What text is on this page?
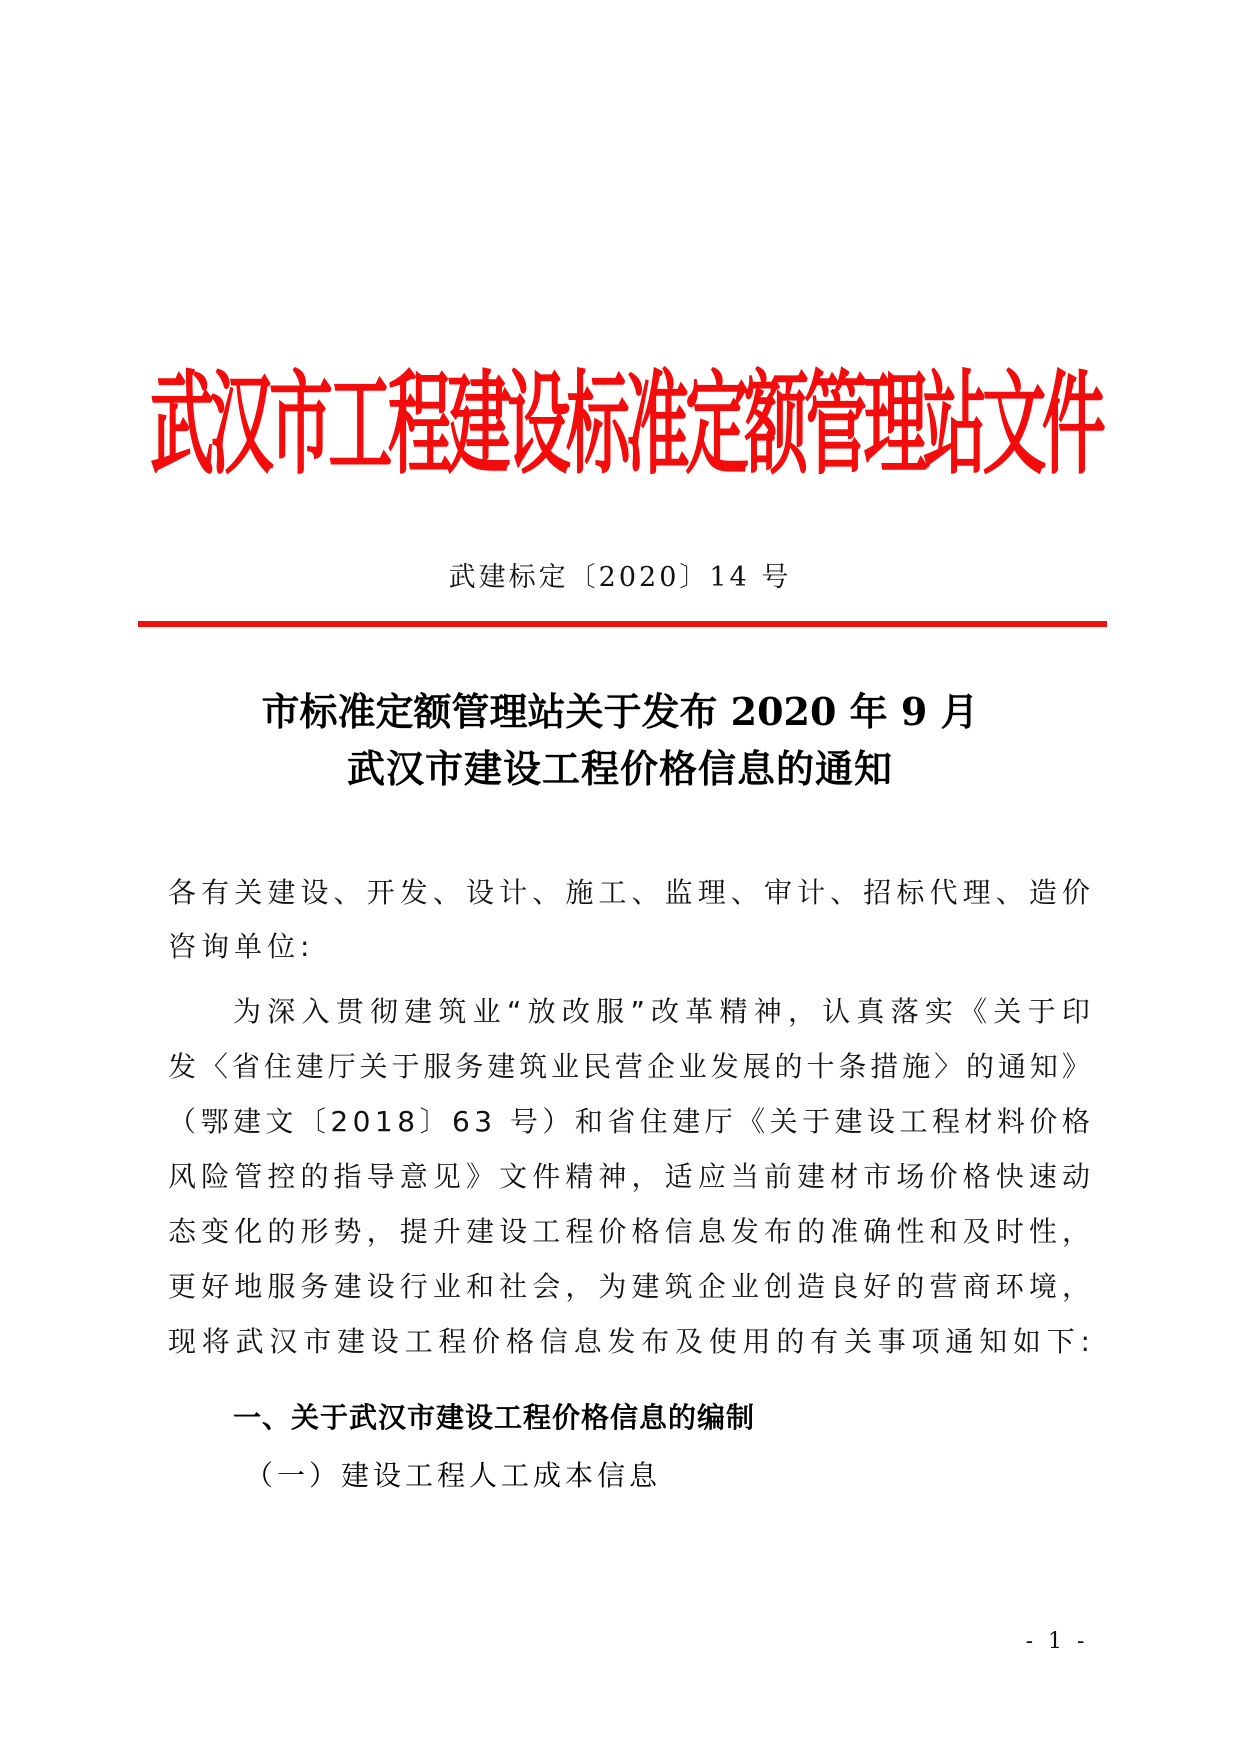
武
汉
市
工
程
建
设
标
准
定
额
管
理
站
文
件
武建标定〔2020〕14 号
市标准定额管理站关于发布 2020 年 9 月
武汉市建设工程价格信息的通知
各 有 关 建 设 、 开 发 、 设 计 、 施 工 、 监 理 、 审 计 、 招 标 代 理 、 造 价
咨询单位:
为 深 入 贯 彻 建 筑 业 “ 放 改 服 ” 改 革 精 神 ， 认 真 落 实 《 关 于 印
发 〈 省 住 建 厅 关 于 服 务 建 筑 业 民 营 企 业 发 展 的 十 条 措 施 〉 的 通 知 》
（ 鄂 建 文 〔 2 0 1 8 〕 6 3
号 ） 和 省 住 建 厅 《 关 于 建 设 工 程 材 料 价 格
风 险 管 控 的 指 导 意 见 》 文 件 精 神 ， 适 应 当 前 建 材 市 场 价 格 快 速 动
态 变 化 的 形 势 ， 提 升 建 设 工 程 价 格 信 息 发 布 的 准 确 性 和 及 时 性 ，
更 好 地 服 务 建 设 行 业 和 社 会 ， 为 建 筑 企 业 创 造 良 好 的 营 商 环 境 ，
现 将 武 汉 市 建 设 工 程 价 格 信 息 发 布 及 使 用 的 有 关 事 项 通 知 如 下 :
一、关于武汉市建设工程价格信息的编制
（一）建设工程人工成本信息
- 1 -
